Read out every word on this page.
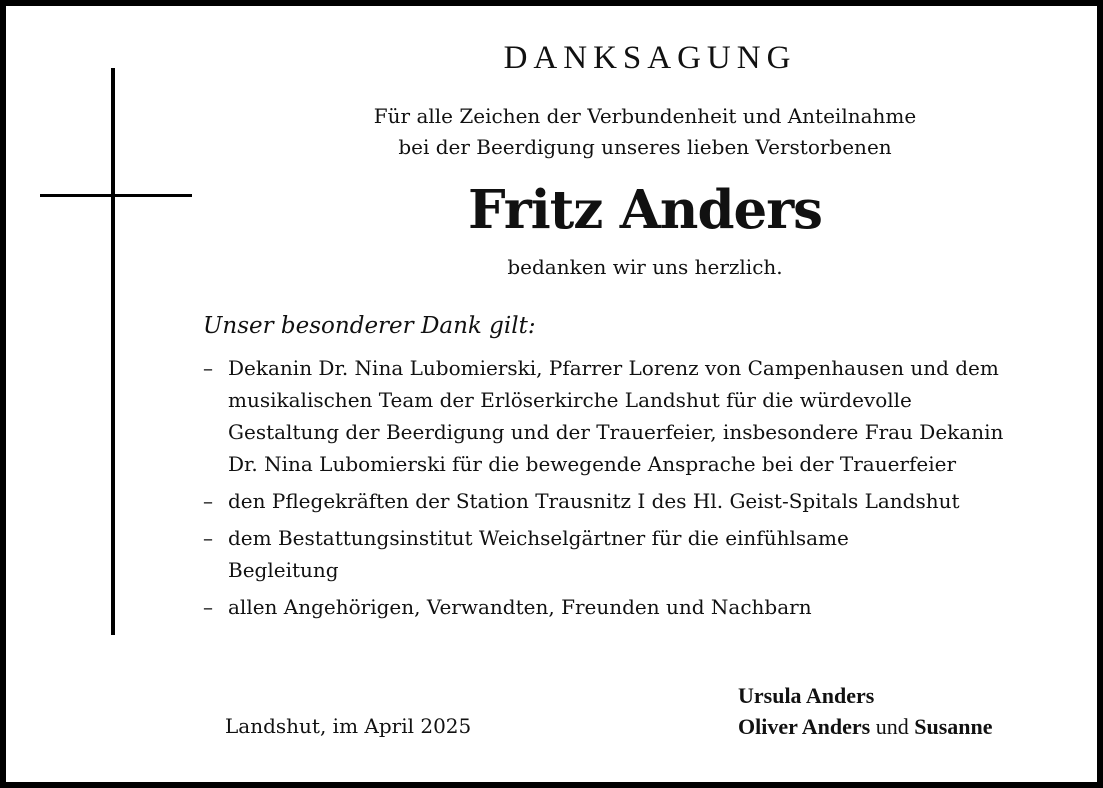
DANKSAGUNG
Für alle Zeichen der Verbundenheit und Anteilnahme
bei der Beerdigung unseres lieben Verstorbenen
Fritz Anders
bedanken wir uns herzlich.
Unser besonderer Dank gilt:
– Dekanin Dr. Nina Lubomierski, Pfarrer Lorenz von Campenhausen und dem musikalischen Team der Erlöserkirche Landshut für die würdevolle Gestaltung der Beerdigung und der Trauerfeier, insbesondere Frau Dekanin Dr. Nina Lubomierski für die bewegende Ansprache bei der Trauerfeier
– den Pflegekräften der Station Trausnitz I des Hl. Geist-Spitals Landshut
– dem Bestattungsinstitut Weichselgärtner für die einfühlsame Begleitung
– allen Angehörigen, Verwandten, Freunden und Nachbarn
Landshut, im April 2025
Ursula Anders
Oliver Anders und Susanne
